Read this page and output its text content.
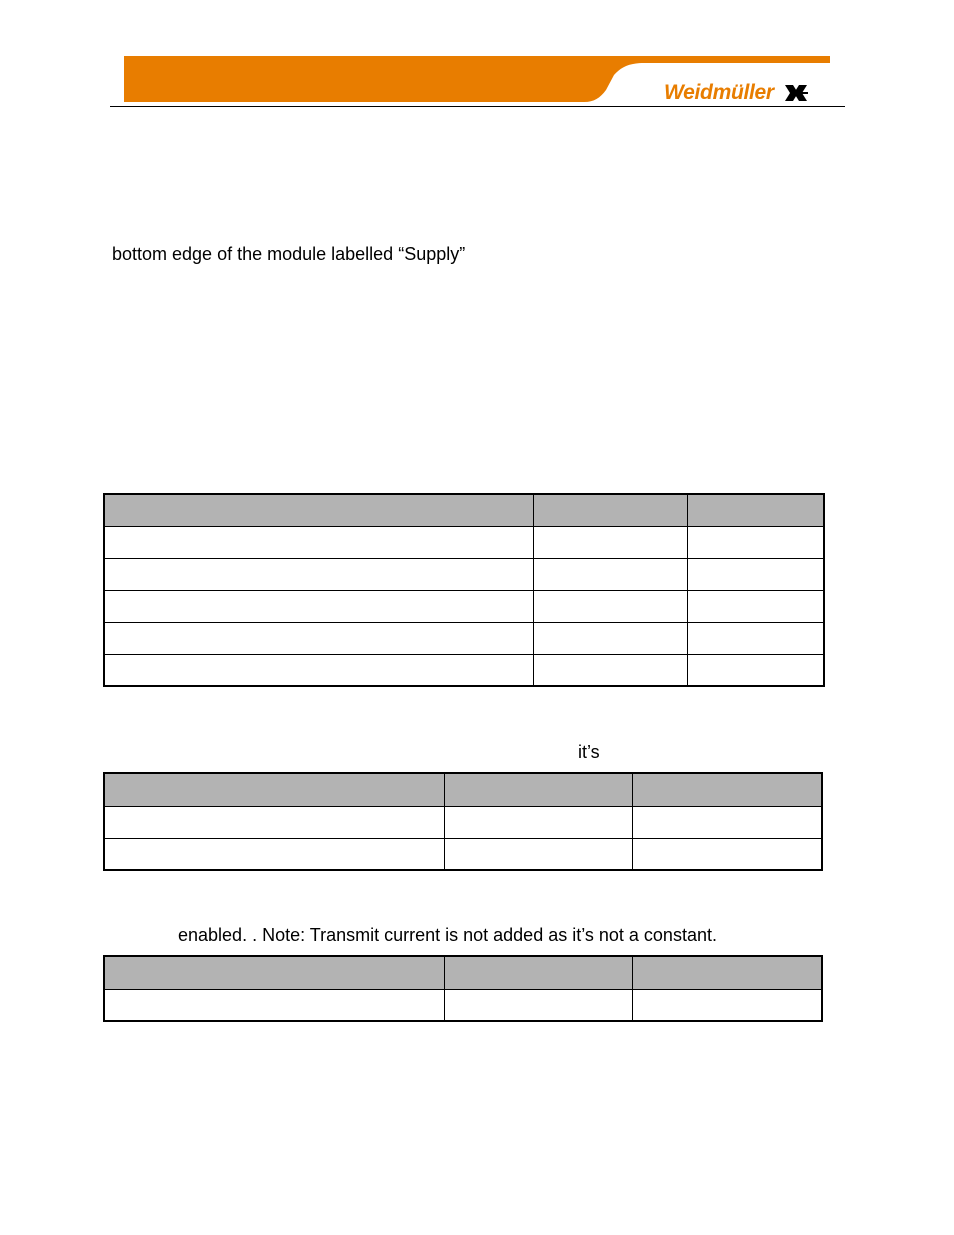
Weidmüller
bottom edge of the module labelled “Supply”
it’s
enabled. . Note: Transmit current is not added as it’s not a constant.
